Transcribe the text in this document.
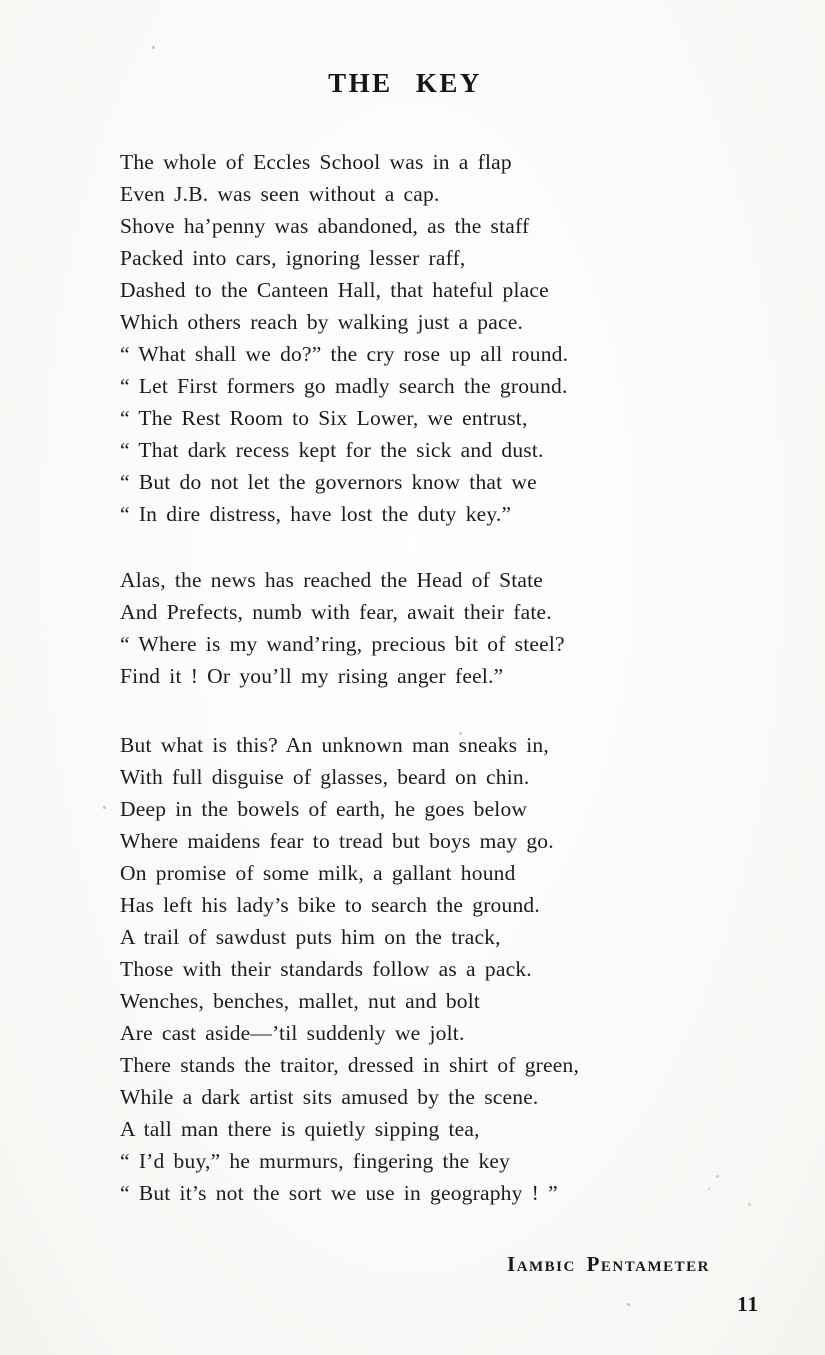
THE KEY
The whole of Eccles School was in a flap
Even J.B. was seen without a cap.
Shove ha’penny was abandoned, as the staff
Packed into cars, ignoring lesser raff,
Dashed to the Canteen Hall, that hateful place
Which others reach by walking just a pace.
“ What shall we do?” the cry rose up all round.
“ Let First formers go madly search the ground.
“ The Rest Room to Six Lower, we entrust,
“ That dark recess kept for the sick and dust.
“ But do not let the governors know that we
“ In dire distress, have lost the duty key.”
Alas, the news has reached the Head of State
And Prefects, numb with fear, await their fate.
“ Where is my wand’ring, precious bit of steel?
Find it ! Or you’ll my rising anger feel.”
But what is this? An unknown man sneaks in,
With full disguise of glasses, beard on chin.
Deep in the bowels of earth, he goes below
Where maidens fear to tread but boys may go.
On promise of some milk, a gallant hound
Has left his lady’s bike to search the ground.
A trail of sawdust puts him on the track,
Those with their standards follow as a pack.
Wenches, benches, mallet, nut and bolt
Are cast aside—’til suddenly we jolt.
There stands the traitor, dressed in shirt of green,
While a dark artist sits amused by the scene.
A tall man there is quietly sipping tea,
“ I’d buy,” he murmurs, fingering the key
“ But it’s not the sort we use in geography ! ”
Iambic Pentameter
11
